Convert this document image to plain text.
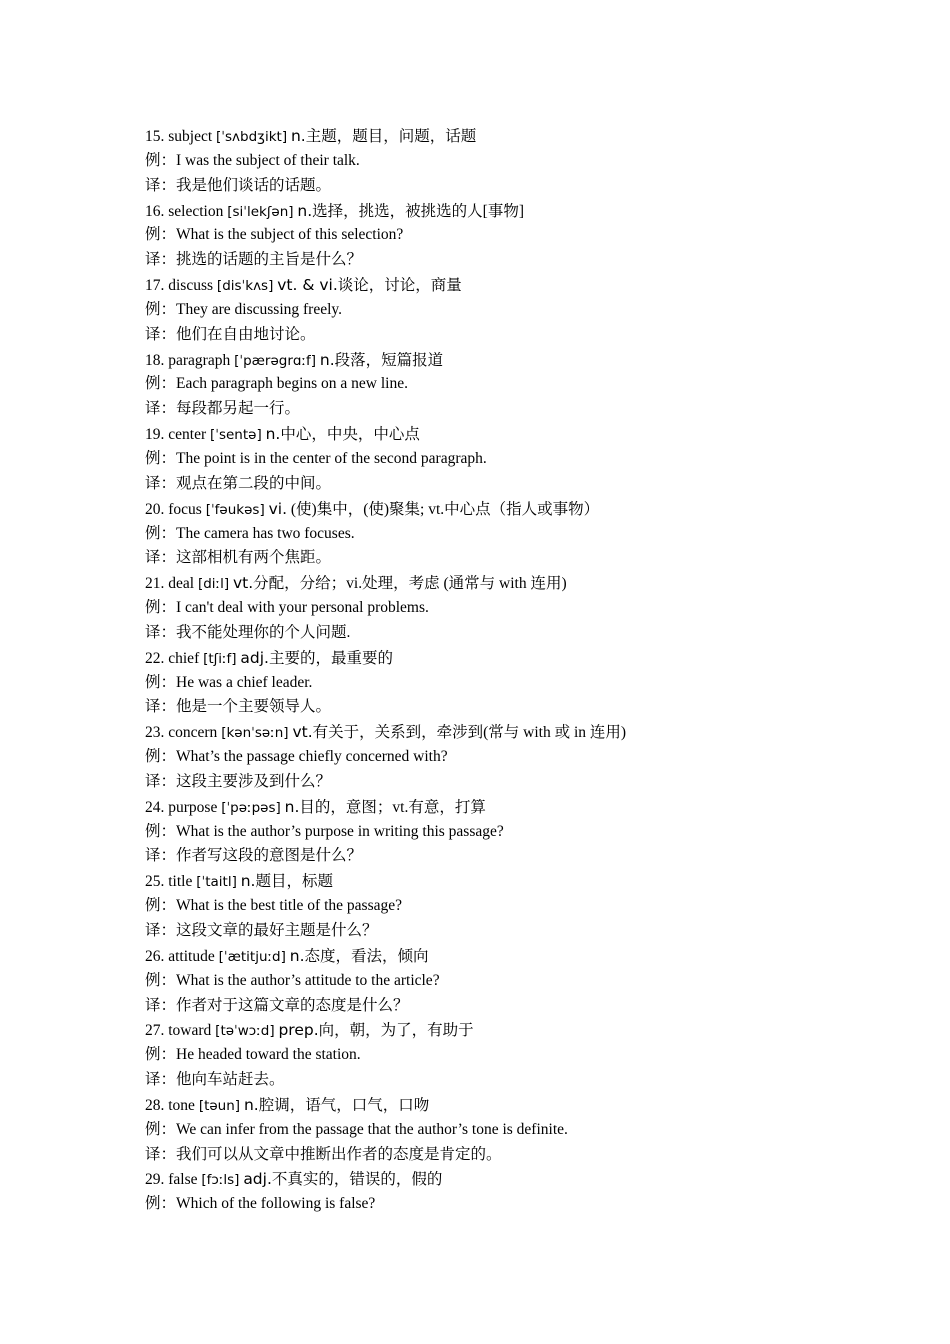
15. subject [ˈsʌbdʒikt] n.主题，题目，问题，话题
例：I was the subject of their talk.
译：我是他们谈话的话题。
16. selection [siˈlekʃən] n.选择，挑选，被挑选的人[事物]
例：What is the subject of this selection?
译：挑选的话题的主旨是什么？
17. discuss [disˈkʌs] vt. & vi.谈论，讨论，商量
例：They are discussing freely.
译：他们在自由地讨论。
18. paragraph [ˈpærəgrɑːf] n.段落，短篇报道
例：Each paragraph begins on a new line.
译：每段都另起一行。
19. center [ˈsentə] n.中心，中央，中心点
例：The point is in the center of the second paragraph.
译：观点在第二段的中间。
20. focus [ˈfəukəs] vi. (使)集中，(使)聚集; vt.中心点（指人或事物）
例：The camera has two focuses.
译：这部相机有两个焦距。
21. deal [diːl] vt.分配，分给；vi.处理，考虑 (通常与 with 连用)
例：I can't deal with your personal problems.
译：我不能处理你的个人问题.
22. chief [tʃiːf] adj.主要的，最重要的
例：He was a chief leader.
译：他是一个主要领导人。
23. concern [kənˈsəːn] vt.有关于，关系到，牵涉到(常与 with 或 in 连用)
例：What’s the passage chiefly concerned with?
译：这段主要涉及到什么？
24. purpose [ˈpəːpəs] n.目的，意图；vt.有意，打算
例：What is the author’s purpose in writing this passage?
译：作者写这段的意图是什么？
25. title [ˈtaitl] n.题目，标题
例：What is the best title of the passage?
译：这段文章的最好主题是什么？
26. attitude [ˈætitjuːd] n.态度，看法，倾向
例：What is the author’s attitude to the article?
译：作者对于这篇文章的态度是什么？
27. toward [təˈwɔːd] prep.向，朝，为了，有助于
例：He headed toward the station.
译：他向车站赶去。
28. tone [təun] n.腔调，语气，口气，口吻
例：We can infer from the passage that the author’s tone is definite.
译：我们可以从文章中推断出作者的态度是肯定的。
29. false [fɔːls] adj.不真实的，错误的，假的
例：Which of the following is false?
